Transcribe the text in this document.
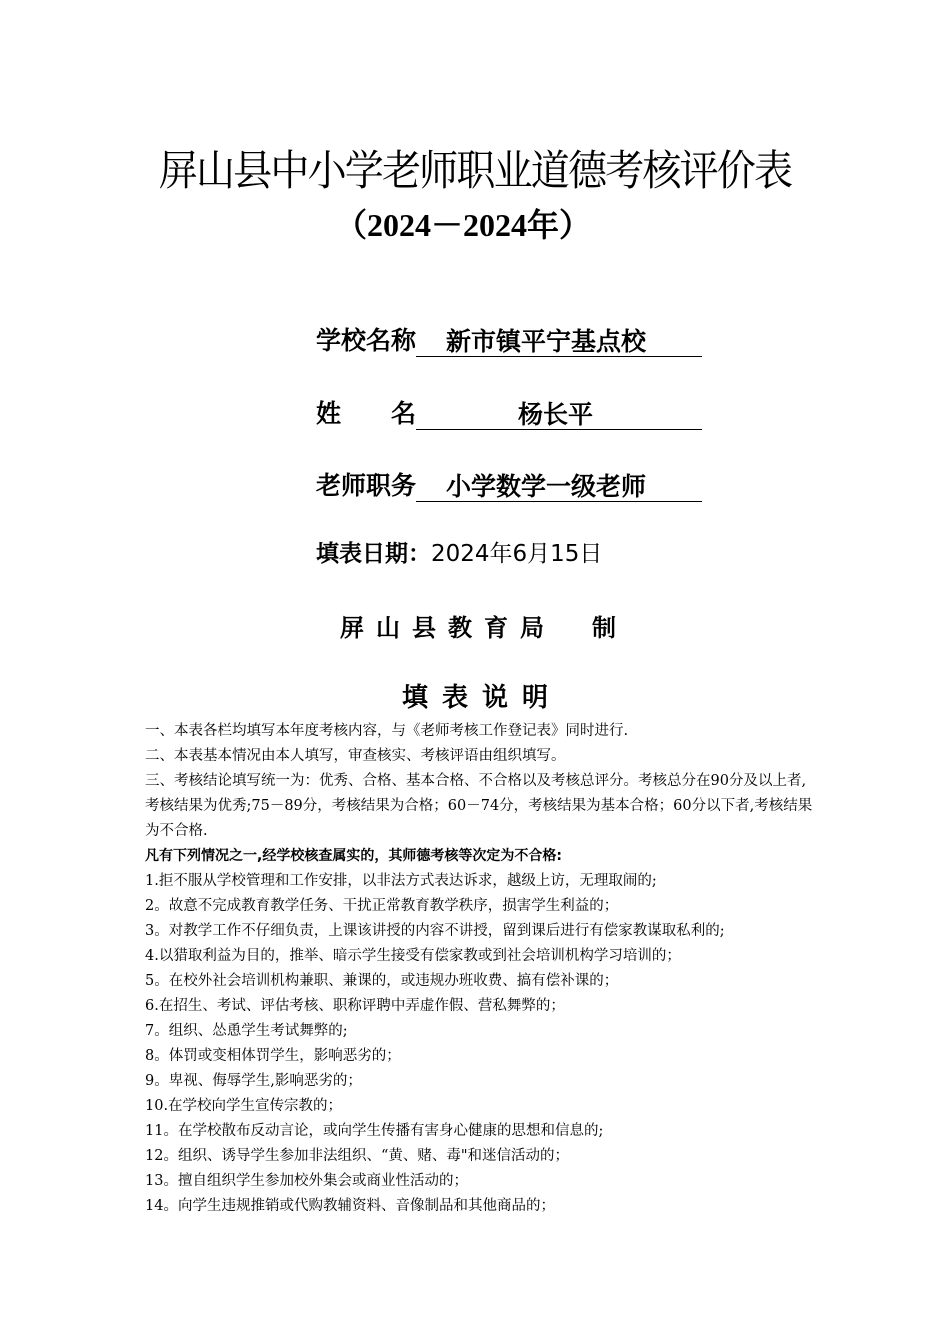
屏山县中小学老师职业道德考核评价表
（2024－2024年）
学校名称	新市镇平宁基点校
姓　　名	杨长平
老师职务	小学数学一级老师
填表日期：2024年6月15日
屏山县教育局　制
填表说明

一、本表各栏均填写本年度考核内容，与《老师考核工作登记表》同时进行.

二、本表基本情况由本人填写，审查核实、考核评语由组织填写。

三、考核结论填写统一为：优秀、合格、基本合格、不合格以及考核总评分。考核总分在90分及以上者,考核结果为优秀;75－89分，考核结果为合格；60－74分，考核结果为基本合格；60分以下者,考核结果为不合格.

凡有下列情况之一,经学校核查属实的，其师德考核等次定为不合格:

1.拒不服从学校管理和工作安排，以非法方式表达诉求，越级上访，无理取闹的;

2。故意不完成教育教学任务、干扰正常教育教学秩序，损害学生利益的；

3。对教学工作不仔细负责，上课该讲授的内容不讲授，留到课后进行有偿家教谋取私利的;

4.以猎取利益为目的，推举、暗示学生接受有偿家教或到社会培训机构学习培训的；

5。在校外社会培训机构兼职、兼课的，或违规办班收费、搞有偿补课的；

6.在招生、考试、评估考核、职称评聘中弄虚作假、营私舞弊的；

7。组织、怂恿学生考试舞弊的;

8。体罚或变相体罚学生，影响恶劣的；

9。卑视、侮辱学生,影响恶劣的；

10.在学校向学生宣传宗教的；

11。在学校散布反动言论，或向学生传播有害身心健康的思想和信息的;

12。组织、诱导学生参加非法组织、“黄、赌、毒"和迷信活动的；

13。擅自组织学生参加校外集会或商业性活动的；

14。向学生违规推销或代购教辅资料、音像制品和其他商品的；
